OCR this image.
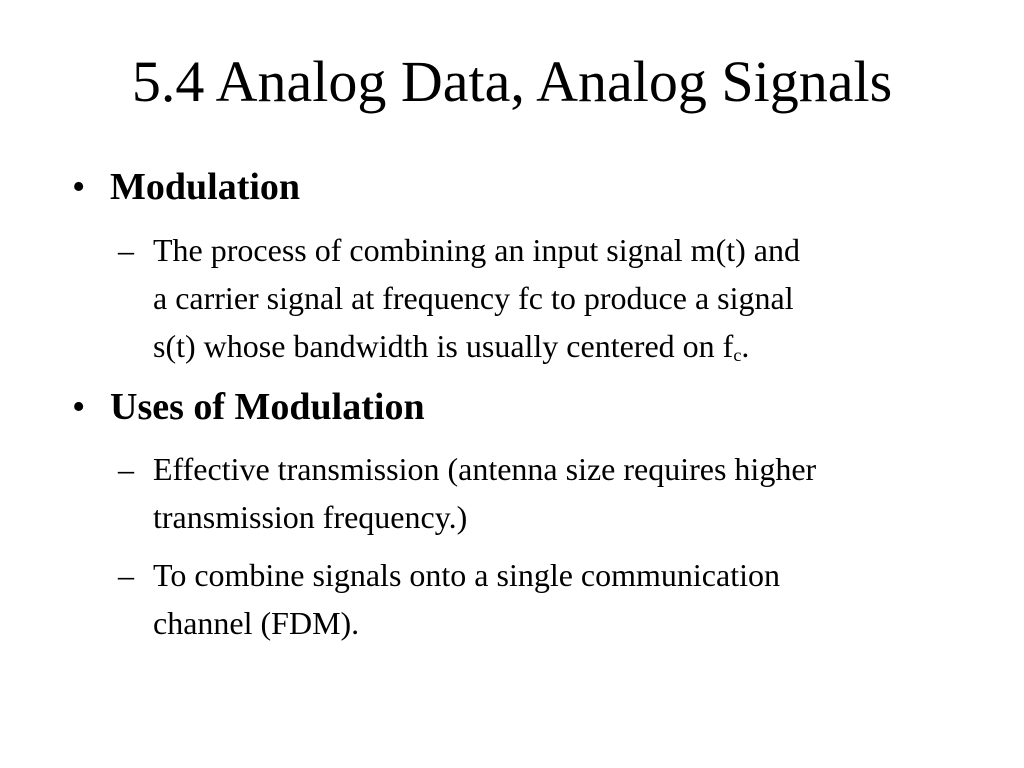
5.4 Analog Data, Analog Signals
• Modulation
– The process of combining an input signal m(t) and
a carrier signal at frequency fc to produce a signal
s(t) whose bandwidth is usually centered on $f_c$.
• Uses of Modulation
– Effective transmission (antenna size requires higher
transmission frequency.)
– To combine signals onto a single communication
channel (FDM).
